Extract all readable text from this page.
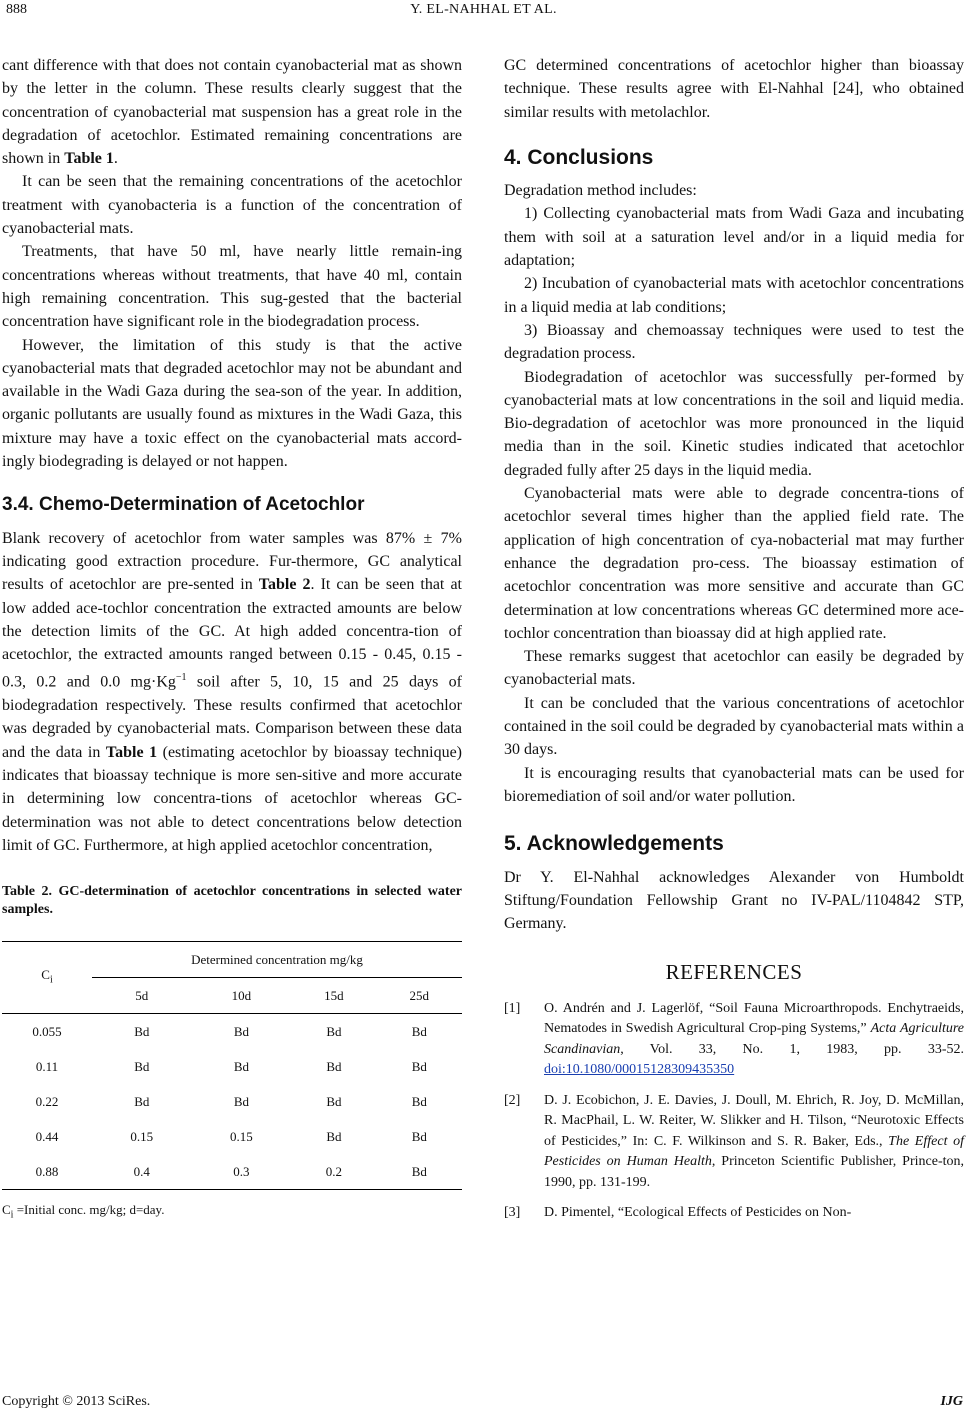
888	Y. EL-NAHHAL ET AL.

cant difference with that does not contain cyanobacterial mat as shown by the letter in the column. These results clearly suggest that the concentration of cyanobacterial mat suspension has a great role in the degradation of acetochlor. Estimated remaining concentrations are shown in Table 1.

It can be seen that the remaining concentrations of the acetochlor treatment with cyanobacteria is a function of the concentration of cyanobacterial mats.

Treatments, that have 50 ml, have nearly little remain-ing concentrations whereas without treatments, that have 40 ml, contain high remaining concentration. This sug-gested that the bacterial concentration have significant role in the biodegradation process.

However, the limitation of this study is that the active cyanobacterial mats that degraded acetochlor may not be abundant and available in the Wadi Gaza during the sea-son of the year. In addition, organic pollutants are usually found as mixtures in the Wadi Gaza, this mixture may have a toxic effect on the cyanobacterial mats accord-ingly biodegrading is delayed or not happen.

3.4. Chemo-Determination of Acetochlor

Blank recovery of acetochlor from water samples was 87% ± 7% indicating good extraction procedure. Fur-thermore, GC analytical results of acetochlor are pre-sented in Table 2. It can be seen that at low added ace-tochlor concentration the extracted amounts are below the detection limits of the GC. At high added concentra-tion of acetochlor, the extracted amounts ranged between 0.15 - 0.45, 0.15 - 0.3, 0.2 and 0.0 $mg\cdot Kg^{-1}$ soil after 5, 10, 15 and 25 days of biodegradation respectively. These results confirmed that acetochlor was degraded by cyanobacterial mats. Comparison between these data and the data in Table 1 (estimating acetochlor by bioassay technique) indicates that bioassay technique is more sen-sitive and more accurate in determining low concentra-tions of acetochlor whereas GC-determination was not able to detect concentrations below detection limit of GC. Furthermore, at high applied acetochlor concentration,

Table 2. GC-determination of acetochlor concentrations in selected water samples.
$C_i$	Determined concentration mg/kg			
	5d	10d	15d	25d
0.055	Bd	Bd	Bd	Bd
0.11	Bd	Bd	Bd	Bd
0.22	Bd	Bd	Bd	Bd
0.44	0.15	0.15	Bd	Bd
0.88	0.4	0.3	0.2	Bd
$C_i$ =Initial conc. mg/kg; d=day.

GC determined concentrations of acetochlor higher than bioassay technique. These results agree with El-Nahhal [24], who obtained similar results with metolachlor.

4. Conclusions

Degradation method includes:

1) Collecting cyanobacterial mats from Wadi Gaza and incubating them with soil at a saturation level and/or in a liquid media for adaptation;

2) Incubation of cyanobacterial mats with acetochlor concentrations in a liquid media at lab conditions;

3) Bioassay and chemoassay techniques were used to test the degradation process.

Biodegradation of acetochlor was successfully per-formed by cyanobacterial mats at low concentrations in the soil and liquid media. Bio-degradation of acetochlor was more pronounced in the liquid media than in the soil. Kinetic studies indicated that acetochlor degraded fully after 25 days in the liquid media.

Cyanobacterial mats were able to degrade concentra-tions of acetochlor several times higher than the applied field rate. The application of high concentration of cya-nobacterial mat may further enhance the degradation pro-cess. The bioassay estimation of acetochlor concentration was more sensitive and accurate than GC determination at low concentrations whereas GC determined more ace-tochlor concentration than bioassay did at high applied rate.

These remarks suggest that acetochlor can easily be degraded by cyanobacterial mats.

It can be concluded that the various concentrations of acetochlor contained in the soil could be degraded by cyanobacterial mats within a 30 days.

It is encouraging results that cyanobacterial mats can be used for bioremediation of soil and/or water pollution.

5. Acknowledgements

Dr Y. El-Nahhal acknowledges Alexander von Humboldt Stiftung/Foundation Fellowship Grant no IV-PAL/1104842 STP, Germany.

REFERENCES
[1]	O. Andrén and J. Lagerlöf, “Soil Fauna Microarthropods. Enchytraeids, Nematodes in Swedish Agricultural Crop-ping Systems,” Acta Agriculture Scandinavian, Vol. 33, No. 1, 1983, pp. 33-52. doi:10.1080/00015128309435350
[2]	D. J. Ecobichon, J. E. Davies, J. Doull, M. Ehrich, R. Joy, D. McMillan, R. MacPhail, L. W. Reiter, W. Slikker and H. Tilson, “Neurotoxic Effects of Pesticides,” In: C. F. Wilkinson and S. R. Baker, Eds., The Effect of Pesticides on Human Health, Princeton Scientific Publisher, Prince-ton, 1990, pp. 131-199.
[3]	D. Pimentel, “Ecological Effects of Pesticides on Non-
Copyright © 2013 SciRes.	IJG
